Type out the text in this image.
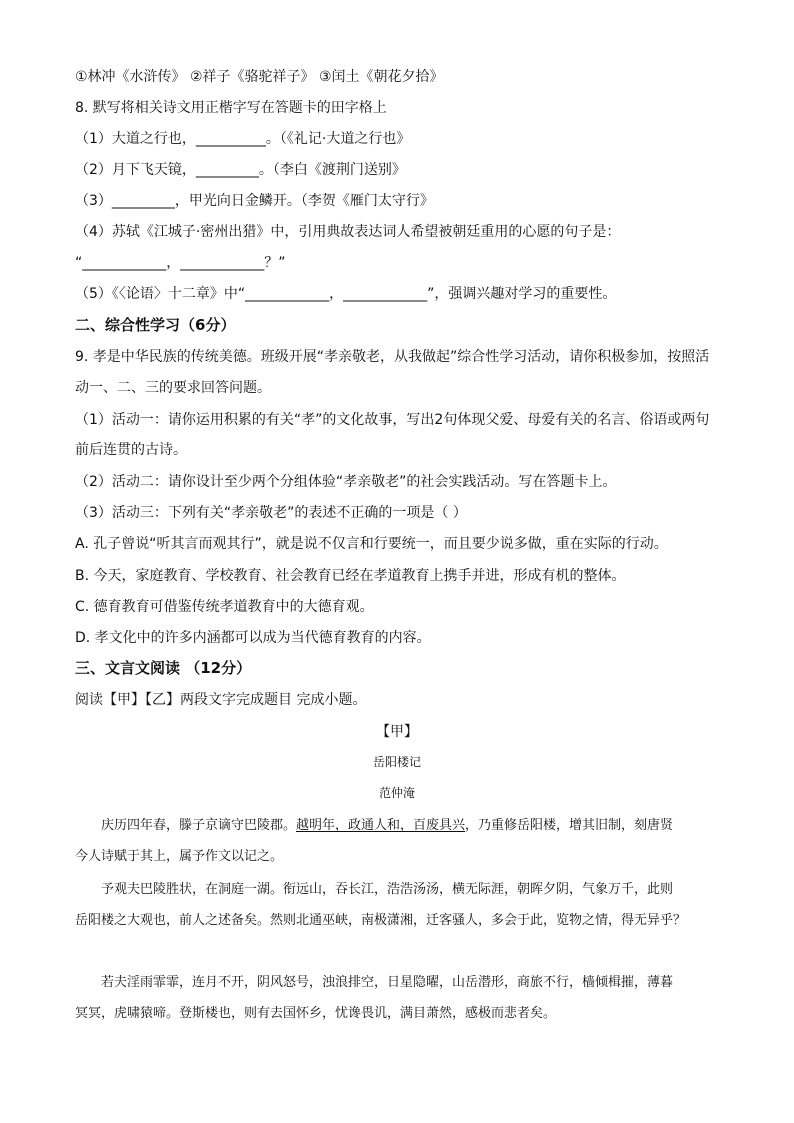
①林冲《水浒传》 ②祥子《骆驼祥子》 ③闰土《朝花夕拾》
8. 默写将相关诗文用正楷字写在答题卡的田字格上
（1）大道之行也，__________。（《礼记·大道之行也》
（2）月下飞天镜，_________。（李白《渡荆门送别》
（3）_________，甲光向日金鳞开。（李贺《雁门太守行》
（4）苏轼《江城子·密州出猎》中，引用典故表达词人希望被朝廷重用的心愿的句子是：
“____________，____________？”
（5）《〈论语〉十二章》中“____________，____________”，强调兴趣对学习的重要性。
二、综合性学习（6分）
9. 孝是中华民族的传统美德。班级开展“孝亲敬老，从我做起”综合性学习活动，请你积极参加，按照活
动一、二、三的要求回答问题。
（1）活动一：请你运用积累的有关“孝”的文化故事，写出2句体现父爱、母爱有关的名言、俗语或两句
前后连贯的古诗。
（2）活动二：请你设计至少两个分组体验“孝亲敬老”的社会实践活动。写在答题卡上。
（3）活动三：下列有关“孝亲敬老”的表述不正确的一项是（ ）
A. 孔子曾说“听其言而观其行”，就是说不仅言和行要统一，而且要少说多做，重在实际的行动。
B. 今天，家庭教育、学校教育、社会教育已经在孝道教育上携手并进，形成有机的整体。
C. 德育教育可借鉴传统孝道教育中的大德育观。
D. 孝文化中的许多内涵都可以成为当代德育教育的内容。
三、文言文阅读 （12分）
阅读【甲】【乙】两段文字完成题目 完成小题。
【甲】
岳阳楼记
范仲淹
庆历四年春，滕子京谪守巴陵郡。越明年，政通人和，百废具兴，乃重修岳阳楼，增其旧制，刻唐贤
今人诗赋于其上，属予作文以记之。
予观夫巴陵胜状，在洞庭一湖。衔远山，吞长江，浩浩汤汤，横无际涯，朝晖夕阴，气象万千，此则
岳阳楼之大观也，前人之述备矣。然则北通巫峡，南极潇湘，迁客骚人，多会于此，览物之情，得无异乎？
若夫淫雨霏霏，连月不开，阴风怒号，浊浪排空，日星隐曜，山岳潜形，商旅不行，樯倾楫摧，薄暮
冥冥，虎啸猿啼。登斯楼也，则有去国怀乡，忧谗畏讥，满目萧然，感极而悲者矣。
